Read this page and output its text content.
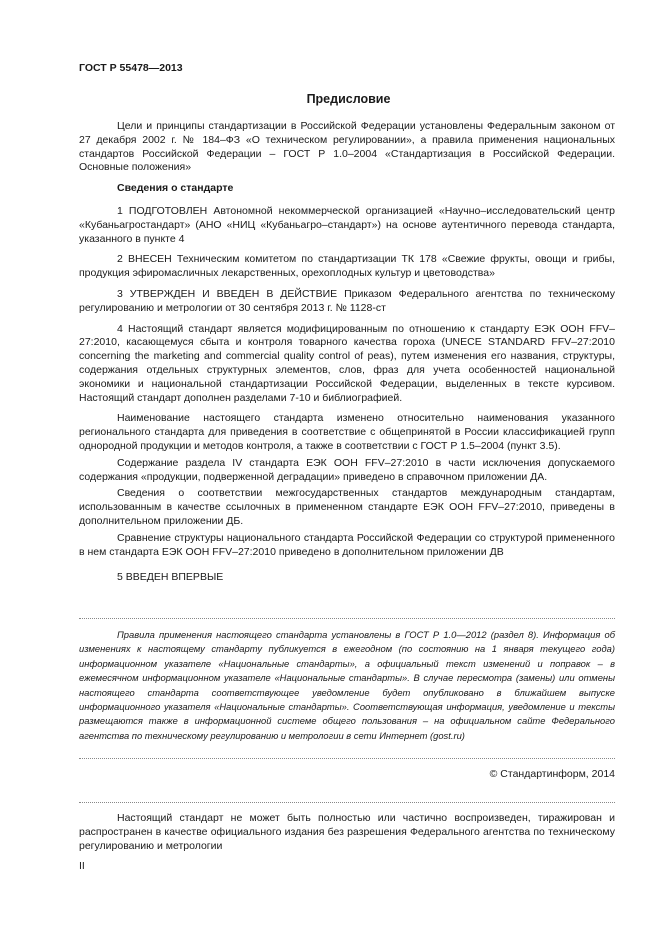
ГОСТ Р 55478—2013
Предисловие

Цели и принципы стандартизации в Российской Федерации установлены Федеральным законом от 27 декабря 2002 г. № 184–ФЗ «О техническом регулировании», а правила применения национальных стандартов Российской Федерации – ГОСТ Р 1.0–2004 «Стандартизация в Российской Федерации. Основные положения»

Сведения о стандарте

1 ПОДГОТОВЛЕН Автономной некоммерческой организацией «Научно–исследовательский центр «Кубаньагростандарт» (АНО «НИЦ «Кубаньагро–стандарт») на основе аутентичного перевода стандарта, указанного в пункте 4

2 ВНЕСЕН Техническим комитетом по стандартизации ТК 178 «Свежие фрукты, овощи и грибы, продукция эфиромасличных лекарственных, орехоплодных культур и цветоводства»

3 УТВЕРЖДЕН И ВВЕДЕН В ДЕЙСТВИЕ Приказом Федерального агентства по техническому регулированию и метрологии от 30 сентября 2013 г. № 1128-ст

4 Настоящий стандарт является модифицированным по отношению к стандарту ЕЭК ООН FFV–27:2010, касающемуся сбыта и контроля товарного качества гороха (UNECE STANDARD FFV–27:2010 concerning the marketing and commercial quality control of peas), путем изменения его названия, структуры, содержания отдельных структурных элементов, слов, фраз для учета особенностей национальной экономики и национальной стандартизации Российской Федерации, выделенных в тексте курсивом. Настоящий стандарт дополнен разделами 7-10 и библиографией.

Наименование настоящего стандарта изменено относительно наименования указанного регионального стандарта для приведения в соответствие с общепринятой в России классификацией групп однородной продукции и методов контроля, а также в соответствии с ГОСТ Р 1.5–2004 (пункт 3.5).

Содержание раздела IV стандарта ЕЭК ООН FFV–27:2010 в части исключения допускаемого содержания «продукции, подверженной деградации» приведено в справочном приложении ДА.

Сведения о соответствии межгосударственных стандартов международным стандартам, использованным в качестве ссылочных в примененном стандарте ЕЭК ООН FFV–27:2010, приведены в дополнительном приложении ДБ.

Сравнение структуры национального стандарта Российской Федерации со структурой примененного в нем стандарта ЕЭК ООН FFV–27:2010 приведено в дополнительном приложении ДВ

5 ВВЕДЕН ВПЕРВЫЕ

Правила применения настоящего стандарта установлены в ГОСТ Р 1.0—2012 (раздел 8). Информация об изменениях к настоящему стандарту публикуется в ежегодном (по состоянию на 1 января текущего года) информационном указателе «Национальные стандарты», а официальный текст изменений и поправок – в ежемесячном информационном указателе «Национальные стандарты». В случае пересмотра (замены) или отмены настоящего стандарта соответствующее уведомление будет опубликовано в ближайшем выпуске информационного указателя «Национальные стандарты». Соответствующая информация, уведомление и тексты размещаются также в информационной системе общего пользования – на официальном сайте Федерального агентства по техническому регулированию и метрологии в сети Интернет (gost.ru)
© Стандартинформ, 2014

Настоящий стандарт не может быть полностью или частично воспроизведен, тиражирован и распространен в качестве официального издания без разрешения Федерального агентства по техническому регулированию и метрологии

II
